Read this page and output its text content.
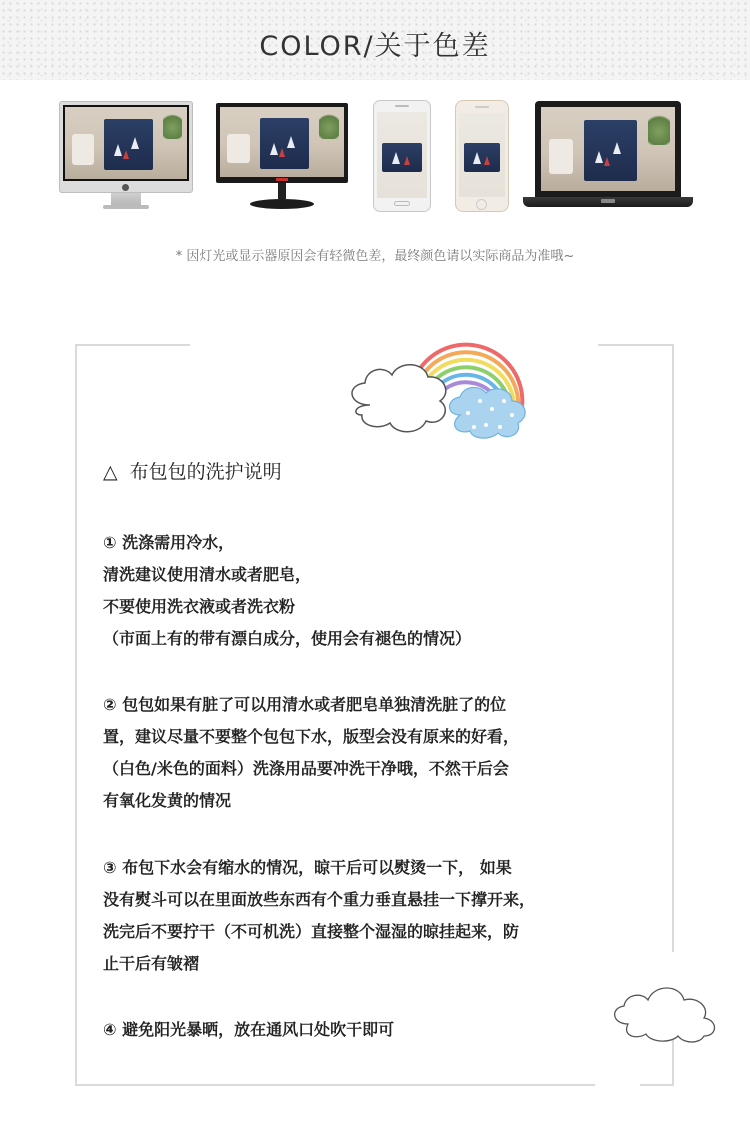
COLOR/关于色差
* 因灯光或显示器原因会有轻微色差，最终颜色请以实际商品为准哦~
△ 布包包的洗护说明
① 洗涤需用冷水，
清洗建议使用清水或者肥皂，
不要使用洗衣液或者洗衣粉
（市面上有的带有漂白成分，使用会有褪色的情况）
② 包包如果有脏了可以用清水或者肥皂单独清洗脏了的位
置，建议尽量不要整个包包下水，版型会没有原来的好看，
（白色/米色的面料）洗涤用品要冲洗干净哦，不然干后会
有氧化发黄的情况
③ 布包下水会有缩水的情况，晾干后可以熨烫一下， 如果
没有熨斗可以在里面放些东西有个重力垂直悬挂一下撑开来，
洗完后不要拧干（不可机洗）直接整个湿湿的晾挂起来，防
止干后有皱褶
④ 避免阳光暴晒，放在通风口处吹干即可
